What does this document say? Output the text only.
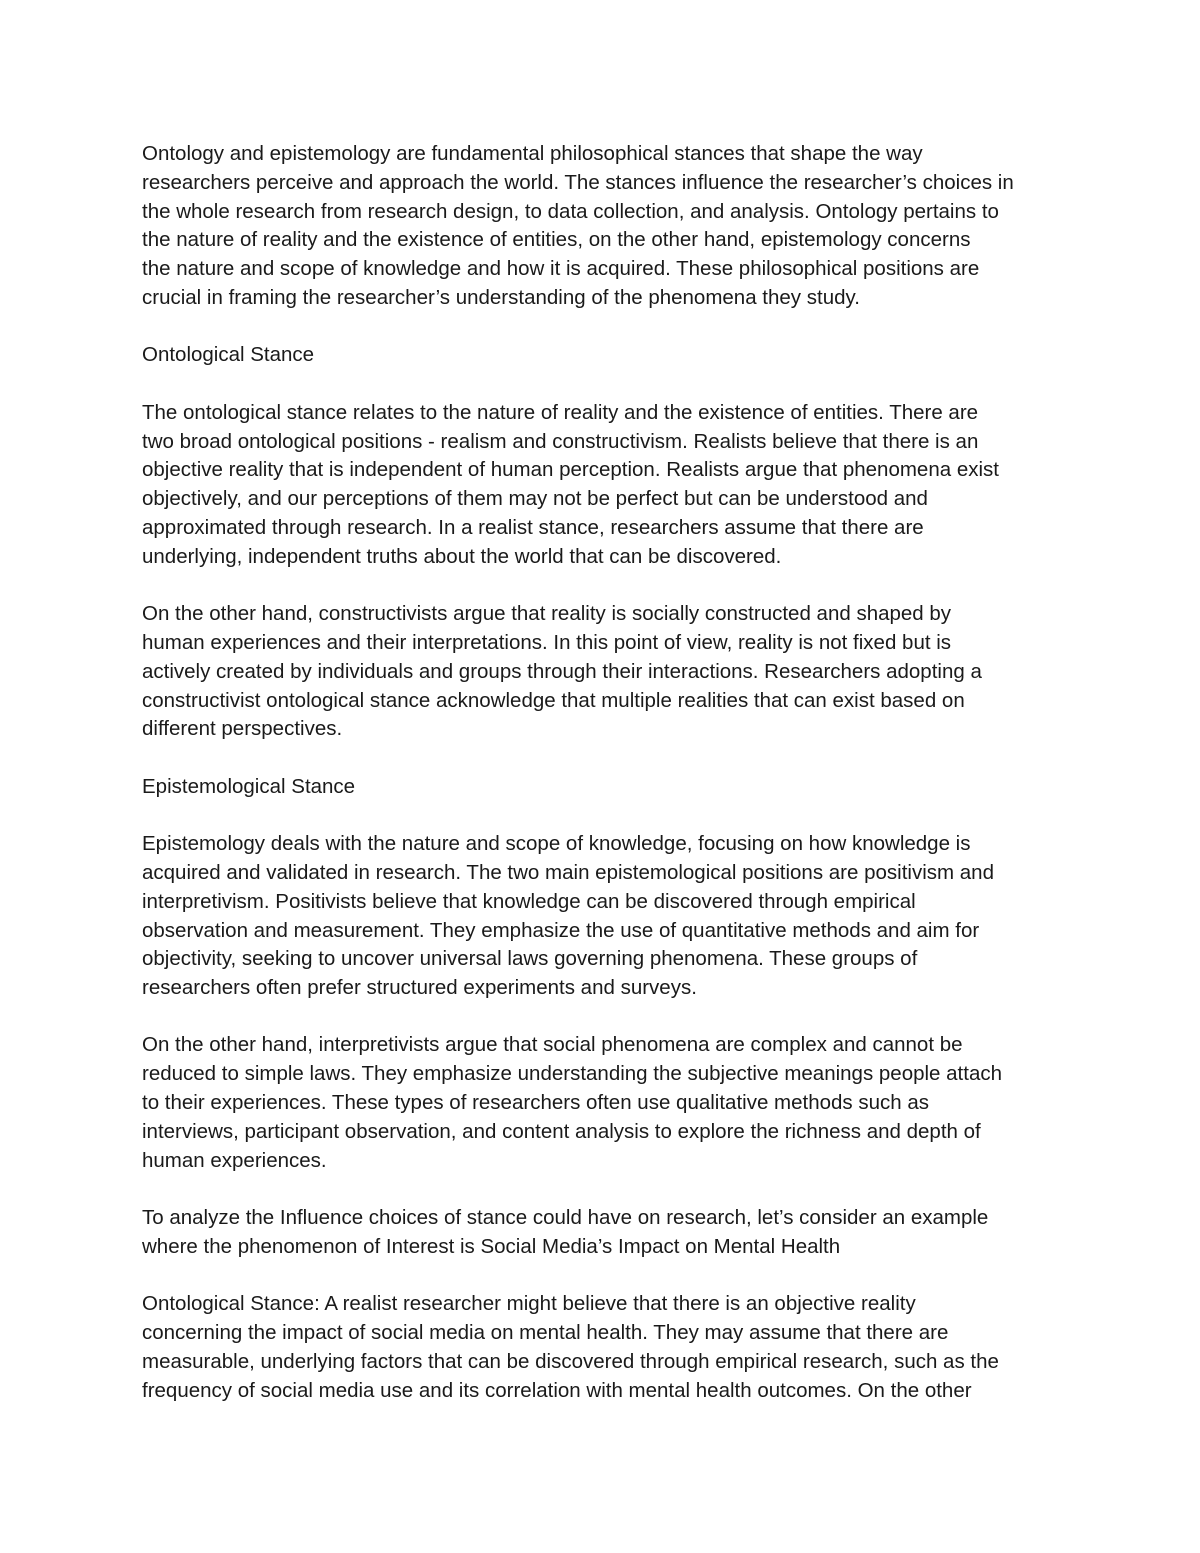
Ontology and epistemology are fundamental philosophical stances that shape the way
researchers perceive and approach the world. The stances influence the researcher’s choices in
the whole research from research design, to data collection, and analysis. Ontology pertains to
the nature of reality and the existence of entities, on the other hand, epistemology concerns
the nature and scope of knowledge and how it is acquired. These philosophical positions are
crucial in framing the researcher’s understanding of the phenomena they study.
Ontological Stance
The ontological stance relates to the nature of reality and the existence of entities. There are
two broad ontological positions - realism and constructivism. Realists believe that there is an
objective reality that is independent of human perception. Realists argue that phenomena exist
objectively, and our perceptions of them may not be perfect but can be understood and
approximated through research. In a realist stance, researchers assume that there are
underlying, independent truths about the world that can be discovered.
On the other hand, constructivists argue that reality is socially constructed and shaped by
human experiences and their interpretations. In this point of view, reality is not fixed but is
actively created by individuals and groups through their interactions. Researchers adopting a
constructivist ontological stance acknowledge that multiple realities that can exist based on
different perspectives.
Epistemological Stance
Epistemology deals with the nature and scope of knowledge, focusing on how knowledge is
acquired and validated in research. The two main epistemological positions are positivism and
interpretivism. Positivists believe that knowledge can be discovered through empirical
observation and measurement. They emphasize the use of quantitative methods and aim for
objectivity, seeking to uncover universal laws governing phenomena. These groups of
researchers often prefer structured experiments and surveys.
On the other hand, interpretivists argue that social phenomena are complex and cannot be
reduced to simple laws. They emphasize understanding the subjective meanings people attach
to their experiences. These types of researchers often use qualitative methods such as
interviews, participant observation, and content analysis to explore the richness and depth of
human experiences.
To analyze the Influence choices of stance could have on research, let’s consider an example
where the phenomenon of Interest is Social Media’s Impact on Mental Health
Ontological Stance: A realist researcher might believe that there is an objective reality
concerning the impact of social media on mental health. They may assume that there are
measurable, underlying factors that can be discovered through empirical research, such as the
frequency of social media use and its correlation with mental health outcomes. On the other
